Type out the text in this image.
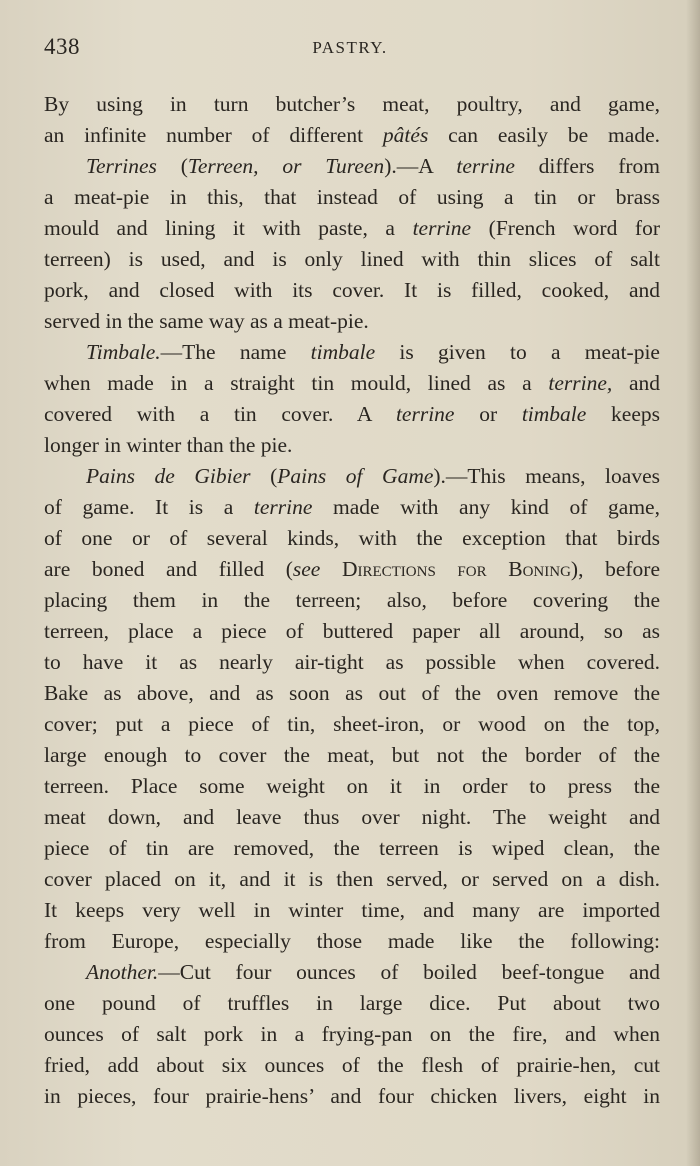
438	PASTRY.
By using in turn butcher’s meat, poultry, and game,
an infinite number of different pâtés can easily be made.
Terrines (Terreen, or Tureen).—A terrine differs from
a meat-pie in this, that instead of using a tin or brass
mould and lining it with paste, a terrine (French word for
terreen) is used, and is only lined with thin slices of salt
pork, and closed with its cover. It is filled, cooked, and
served in the same way as a meat-pie.
Timbale.—The name timbale is given to a meat-pie
when made in a straight tin mould, lined as a terrine, and
covered with a tin cover. A terrine or timbale keeps
longer in winter than the pie.
Pains de Gibier (Pains of Game).—This means, loaves
of game. It is a terrine made with any kind of game,
of one or of several kinds, with the exception that birds
are boned and filled (see Directions for Boning), before
placing them in the terreen; also, before covering the
terreen, place a piece of buttered paper all around, so as
to have it as nearly air-tight as possible when covered.
Bake as above, and as soon as out of the oven remove the
cover; put a piece of tin, sheet-iron, or wood on the top,
large enough to cover the meat, but not the border of the
terreen. Place some weight on it in order to press the
meat down, and leave thus over night. The weight and
piece of tin are removed, the terreen is wiped clean, the
cover placed on it, and it is then served, or served on a dish.
It keeps very well in winter time, and many are imported
from Europe, especially those made like the following:
Another.—Cut four ounces of boiled beef-tongue and
one pound of truffles in large dice. Put about two
ounces of salt pork in a frying-pan on the fire, and when
fried, add about six ounces of the flesh of prairie-hen, cut
in pieces, four prairie-hens’ and four chicken livers, eight in
